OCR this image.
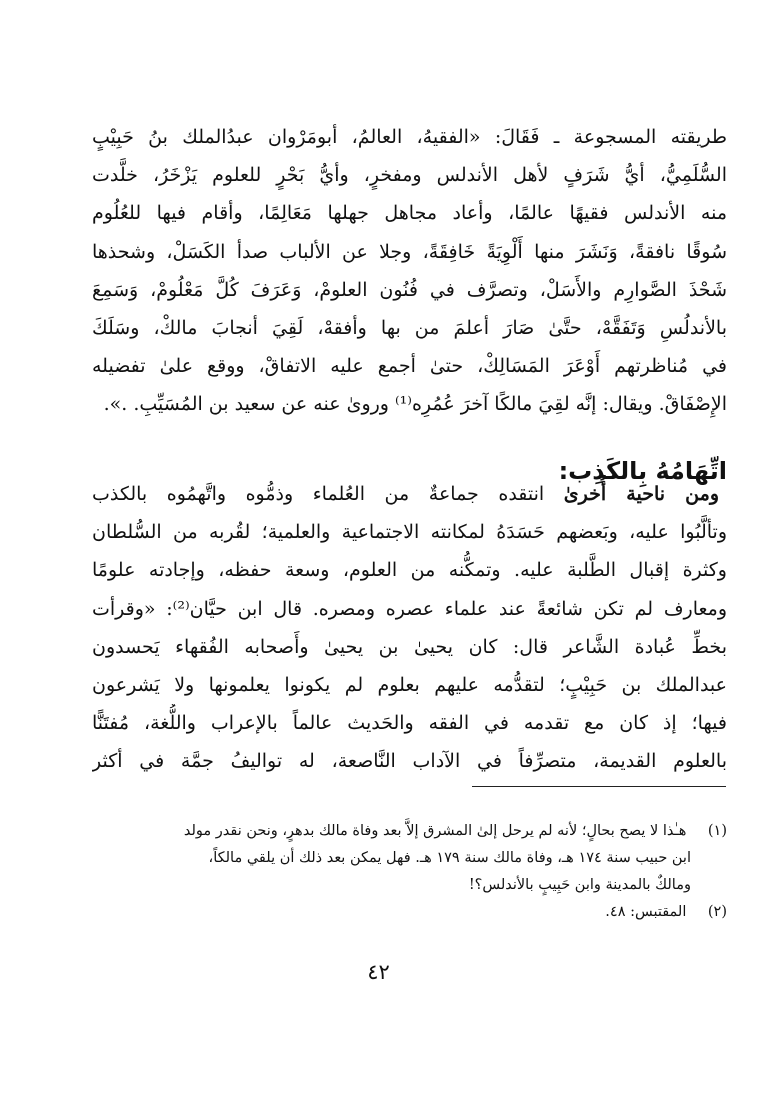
طريقته المسجوعة ـ فَقَالَ: «الفقيهُ، العالمُ، أبومَرْوان عبدُالملك بنُ حَبِيْبٍ
السُّلَمِيُّ، أيُّ شَرَفٍ لأهل الأندلس ومفخرٍ، وأيُّ بَحْرٍ للعلوم يَزْخَرُ، خلَّدت
منه الأندلس فقيهًا عالمًا، وأعاد مجاهل جهلها مَعَالِمًا، وأقام فيها للعُلُوم
سُوقًا نافقةً، وَنَشَرَ منها أَلْوِيَةً خَافِقَةً، وجلا عن الألباب صدأ الكَسَلْ، وشحذها
شَحْذَ الصَّوارِم والأَسَلْ، وتصرَّف في فُنُون العلومْ، وَعَرَفَ كُلَّ مَعْلُومْ، وَسَمِعَ
بالأندلُسِ وَتَفَقَّهْ، حتَّىٰ صَارَ أعلمَ من بها وأفقهْ، لَقِيَ أنجابَ مالكْ، وسَلَكَ
في مُناظرتهم أَوْعَرَ المَسَالِكْ، حتىٰ أجمع عليه الاتفاقْ، ووقع علىٰ تفضيله
الإِصْفَاقْ. ويقال: إنَّه لقِيَ مالكًا آخرَ عُمُرِه⁽¹⁾ وروىٰ عنه عن سعيد بن المُسَيِّبِ. .».
اتِّهَامُهُ بِالكَذِب:
ومن ناحية أُخرىٰ انتقده جماعةٌ من العُلماء وذمُّوه واتَّهمُوه بالكذب
وتألَّبُوا عليه، وبَعضهم حَسَدَهُ لمكانته الاجتماعية والعلمية؛ لقُربه من السُّلطان
وكثرة إقبال الطَّلبة عليه. وتمكُّنه من العلوم، وسعة حفظه، وإجادته علومًا
ومعارف لم تكن شائعةً عند علماء عصره ومصره. قال ابن حيَّان⁽²⁾: «وقرأت
بخطِّ عُبادة الشَّاعر قال: كان يحيىٰ بن يحيىٰ وأَصحابه الفُقهاء يَحسدون
عبدالملك بن حَبِيْبٍ؛ لتقدُّمه عليهم بعلوم لم يكونوا يعلمونها ولا يَشرعون
فيها؛ إذ كان مع تقدمه في الفقه والحَديث عالماً بالإعراب واللُّغة، مُفتَنًّا
بالعلوم القديمة، متصرِّفاً في الآداب النَّاصعة، له تواليفُ جمَّة في أكثر
(١) هـٰذا لا يصح بحالٍ؛ لأنه لم يرحل إلىٰ المشرق إلاَّ بعد وفاة مالك بدهرٍ، ونحن نقدر مولد
ابن حبيب سنة ١٧٤ هـ، وفاة مالك سنة ١٧٩ هـ. فهل يمكن بعد ذلك أن يلقي مالكاً،
ومالكٌ بالمدينة وابن حَبِيبٍ بالأندلس؟!
(٢) المقتبس: ٤٨.
٤٢
